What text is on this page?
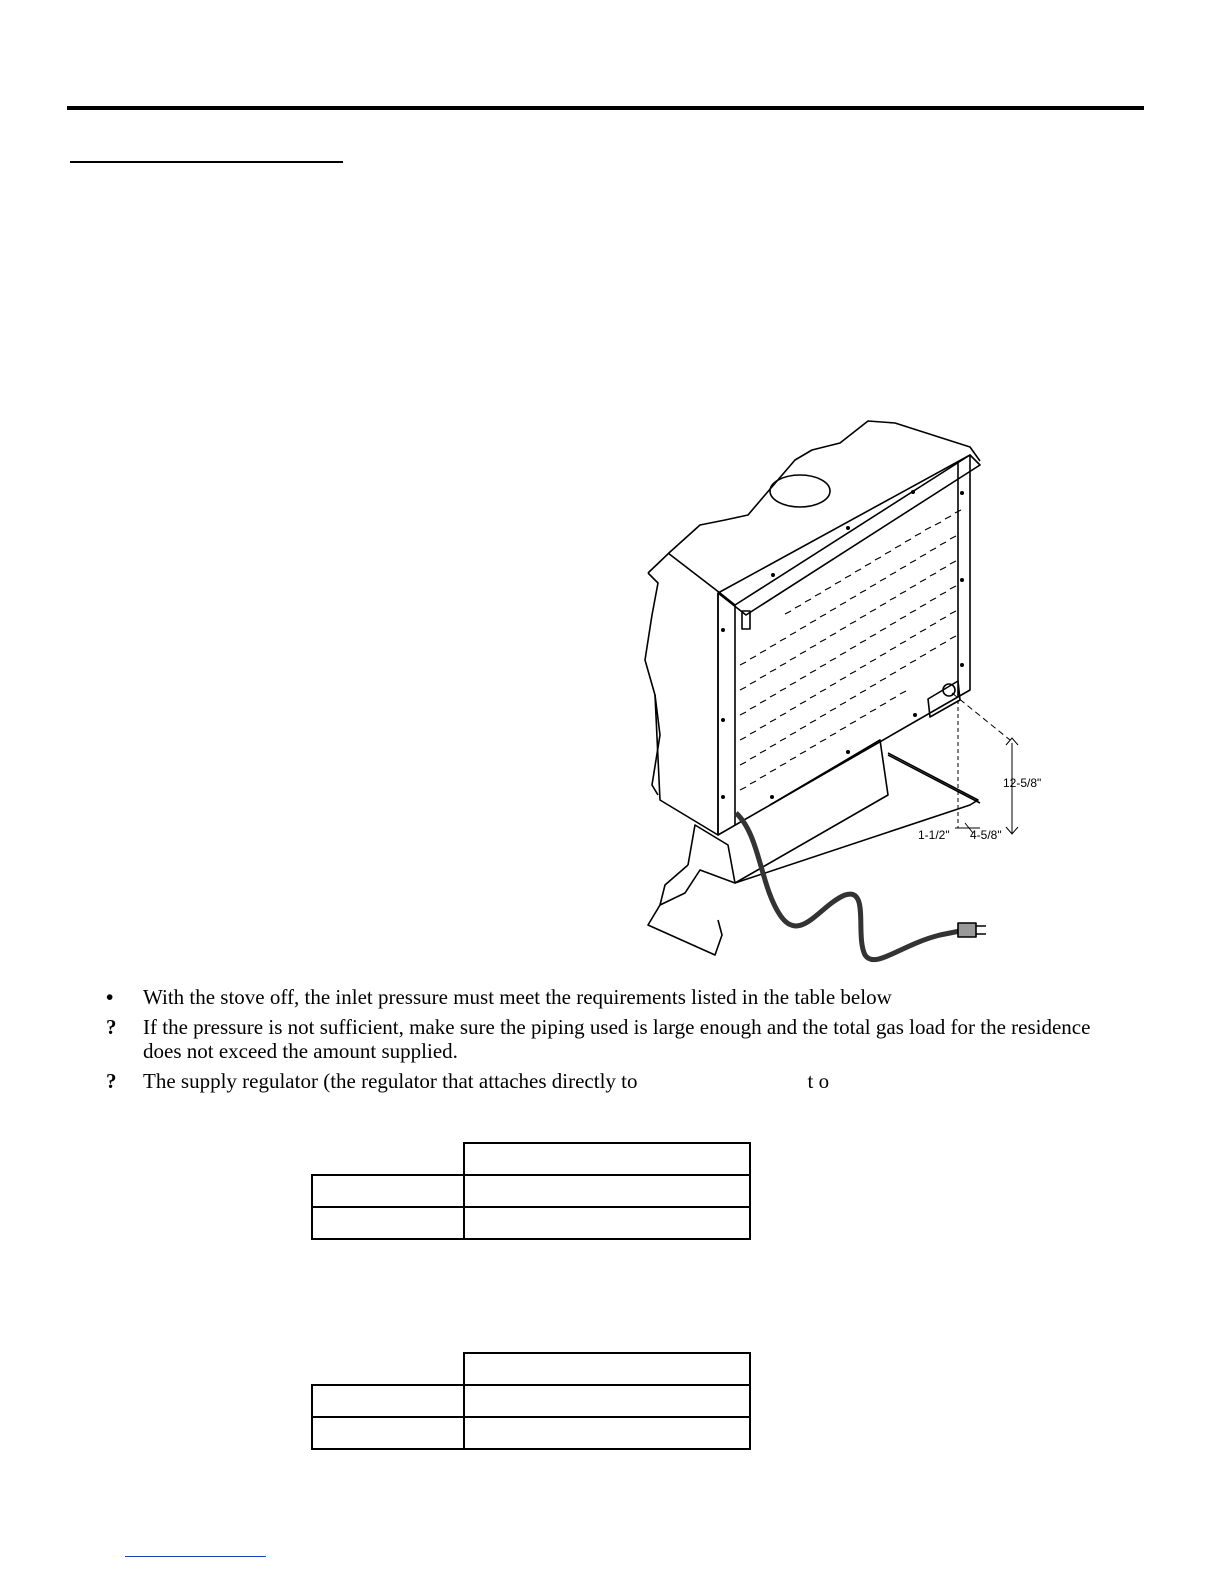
12-5/8"
1-1/2" 4-5/8"
• With the stove off, the inlet pressure must meet the requirements listed in the table below
? If the pressure is not sufficient, make sure the piping used is large enough and the total gas load for the residence does not exceed the amount supplied.
? The supply regulator (the regulator that attaches directly to	t o
